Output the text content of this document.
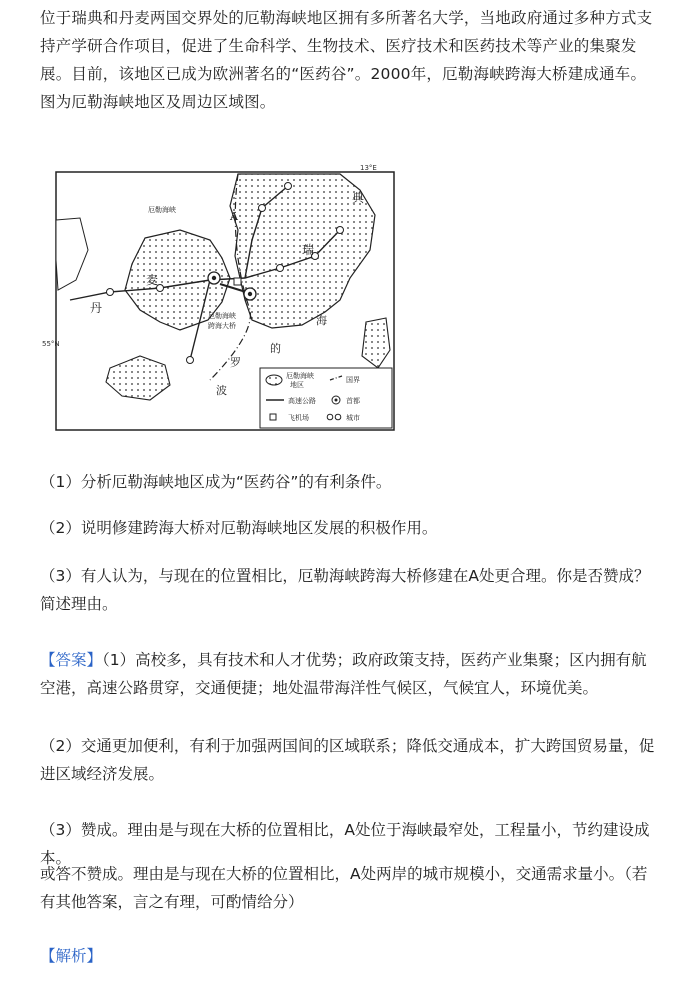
位于瑞典和丹麦两国交界处的厄勒海峡地区拥有多所著名大学，当地政府通过多种方式支持产学研合作项目，促进了生命科学、生物技术、医疗技术和医药技术等产业的集聚发展。目前，该地区已成为欧洲著名的“医药谷”。2000年，厄勒海峡跨海大桥建成通车。图为厄勒海峡地区及周边区域图。

13°E
55°N
A
厄勒海峡
厄勒海峡
跨海大桥
典
瑞
麦
丹
海
的
罗
波
厄勒海峡
地区
国界
高速公路	首都
飞机场	城市

（1）分析厄勒海峡地区成为“医药谷”的有利条件。

（2）说明修建跨海大桥对厄勒海峡地区发展的积极作用。

（3）有人认为，与现在的位置相比，厄勒海峡跨海大桥修建在A处更合理。你是否赞成？简述理由。

【答案】（1）高校多，具有技术和人才优势；政府政策支持，医药产业集聚；区内拥有航空港，高速公路贯穿，交通便捷；地处温带海洋性气候区，气候宜人，环境优美。

（2）交通更加便利，有利于加强两国间的区域联系；降低交通成本，扩大跨国贸易量，促进区域经济发展。

（3）赞成。理由是与现在大桥的位置相比，A处位于海峡最窄处，工程量小，节约建设成本。

或答不赞成。理由是与现在大桥的位置相比，A处两岸的城市规模小，交通需求量小。（若有其他答案，言之有理，可酌情给分）

【解析】
